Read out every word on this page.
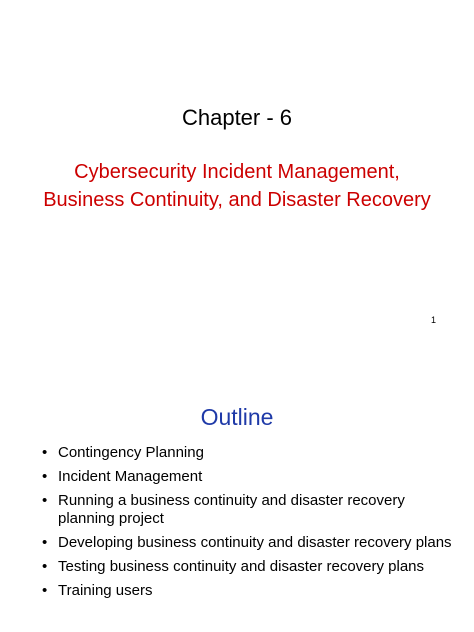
Chapter - 6
Cybersecurity Incident Management, Business Continuity, and Disaster Recovery
1
Outline
• Contingency Planning
• Incident Management
• Running a business continuity and disaster recovery planning project
• Developing business continuity and disaster recovery plans
• Testing business continuity and disaster recovery plans
• Training users
